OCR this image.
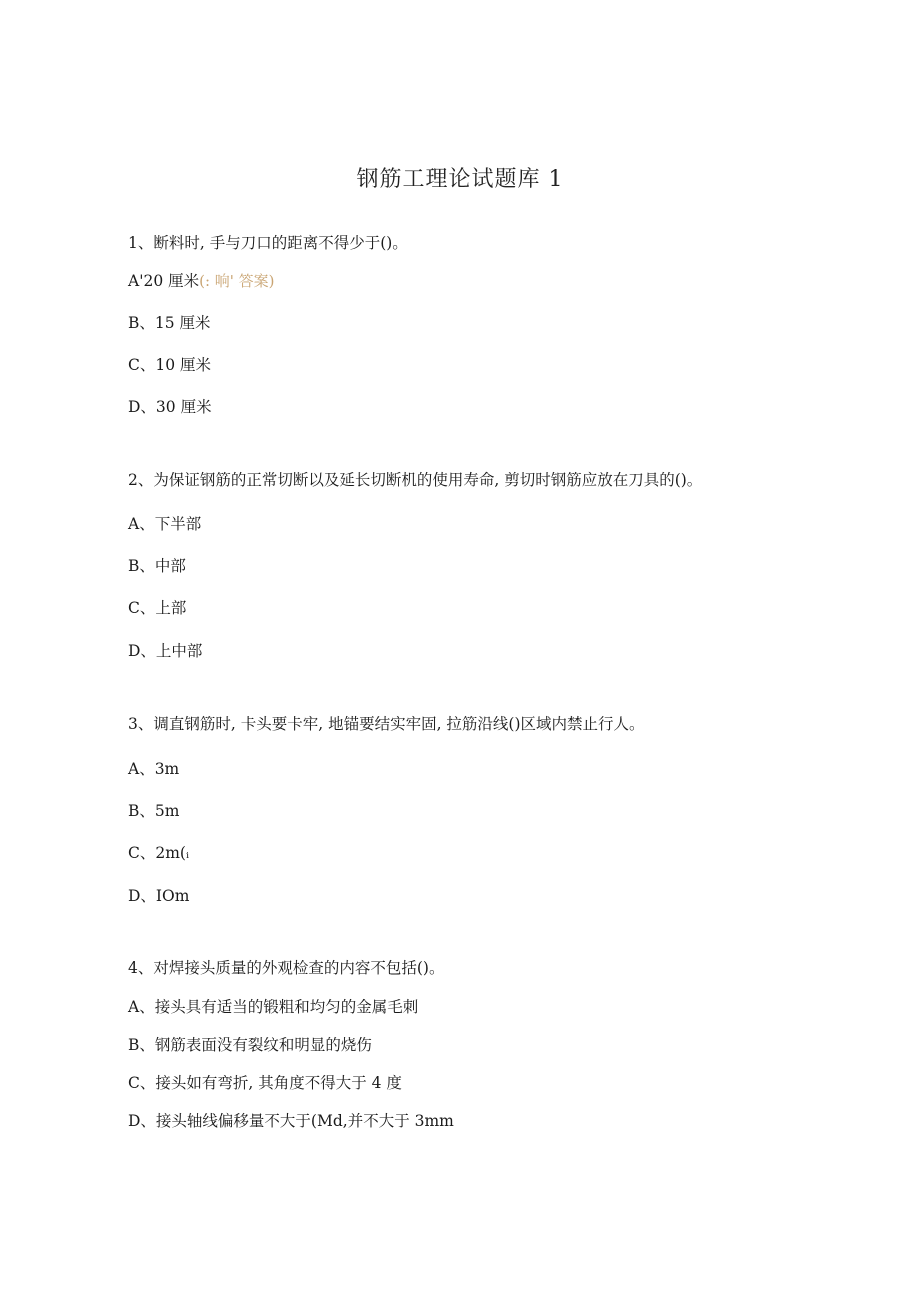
钢筋工理论试题库 1
1、断料时, 手与刀口的距离不得少于()。
A'20 厘米(: 响' 答案)
B、15 厘米
C、10 厘米
D、30 厘米
2、为保证钢筋的正常切断以及延长切断机的使用寿命, 剪切时钢筋应放在刀具的()。
A、下半部
B、中部
C、上部
D、上中部
3、调直钢筋时, 卡头要卡牢, 地锚要结实牢固, 拉筋沿线()区域内禁止行人。
A、3m
B、5m
C、2m(ᵢ
D、IOm
4、对焊接头质量的外观检查的内容不包括()。
A、接头具有适当的锻粗和均匀的金属毛刺
B、钢筋表面没有裂纹和明显的烧伤
C、接头如有弯折, 其角度不得大于 4 度
D、接头轴线偏移量不大于(Md,并不大于 3mm
